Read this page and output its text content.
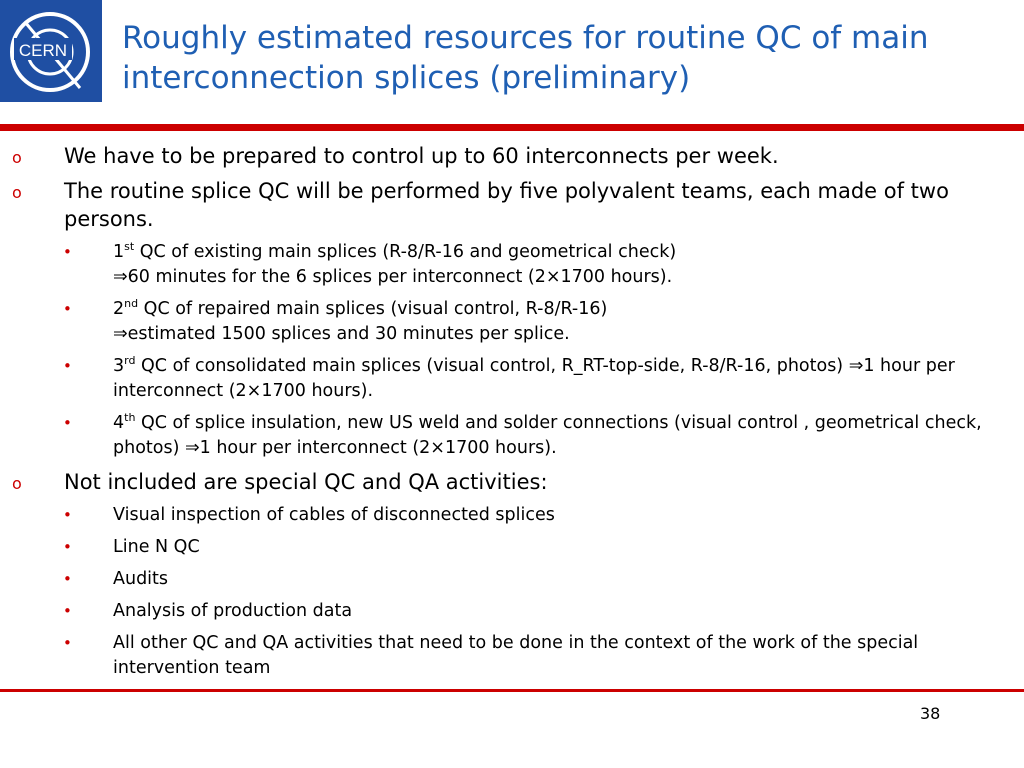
CERN Roughly estimated resources for routine QC of main interconnection splices (preliminary)
o We have to be prepared to control up to 60 interconnects per week.
o The routine splice QC will be performed by five polyvalent teams, each made of two persons.
• 1st QC of existing main splices (R-8/R-16 and geometrical check)
⇒60 minutes for the 6 splices per interconnect (2×1700 hours).
• 2nd QC of repaired main splices (visual control, R-8/R-16)
⇒estimated 1500 splices and 30 minutes per splice.
• 3rd QC of consolidated main splices (visual control, R_RT-top-side, R-8/R-16, photos) ⇒1 hour per interconnect (2×1700 hours).
• 4th QC of splice insulation, new US weld and solder connections (visual control , geometrical check, photos) ⇒1 hour per interconnect (2×1700 hours).
o Not included are special QC and QA activities:
• Visual inspection of cables of disconnected splices
• Line N QC
• Audits
• Analysis of production data
• All other QC and QA activities that need to be done in the context of the work of the special intervention team
38
